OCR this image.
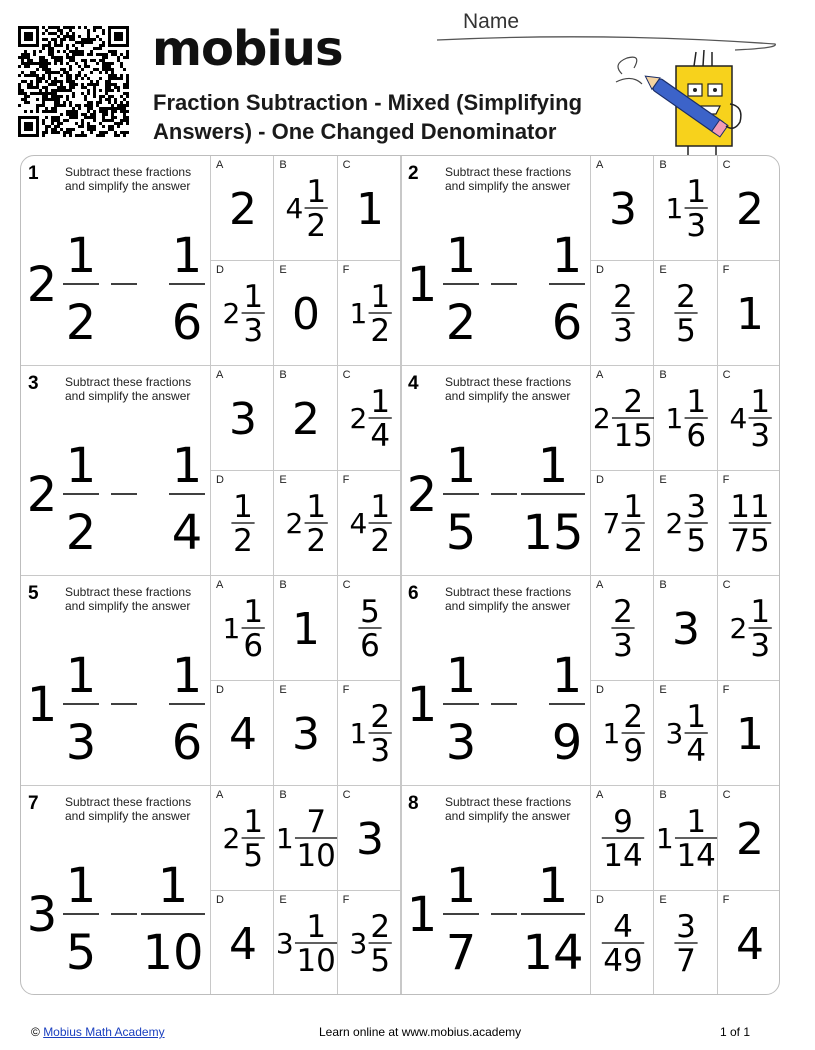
mobius	Name
Fraction Subtraction - Mixed (Simplifying
Answers) - One Changed Denominator
1 Subtract these fractions
and simplify the answer
2
1
2
1
6
A
2
B
4 1
2
C
1
D
2 1
3
E
0
F
1 1
2
2 Subtract these fractions
and simplify the answer
1
1
2
1
6
A
3
B
1 1
3
C
2
D
2
3
E
2
5
F
1
3 Subtract these fractions
and simplify the answer
2
1
2
1
4
A
3
B
2
C
2 1
4
D
1
2
E
2 1
2
F
4 1
2
4 Subtract these fractions
and simplify the answer
2
1
5
1
15
A
2 2
15
B
1 1
6
C
4 1
3
D
7 1
2
E
2 3
5
F
11
75
5 Subtract these fractions
and simplify the answer
1
1
3
1
6
A
1 1
6
B
1
C
5
6
D
4
E
3
F
1 2
3
6 Subtract these fractions
and simplify the answer
1
1
3
1
9
A
2
3
B
3
C
2 1
3
D
1 2
9
E
3 1
4
F
1
7 Subtract these fractions
and simplify the answer
3
1
5
1
10
A
2 1
5
B
1 7
10
C
3
D
4
E
3 1
10
F
3 2
5
8 Subtract these fractions
and simplify the answer
1
1
7
1
14
A
9
14
B
1 1
14
C
2
D
4
49
E
3
7
F
4
© Mobius Math Academy	Learn online at www.mobius.academy	1 of 1
